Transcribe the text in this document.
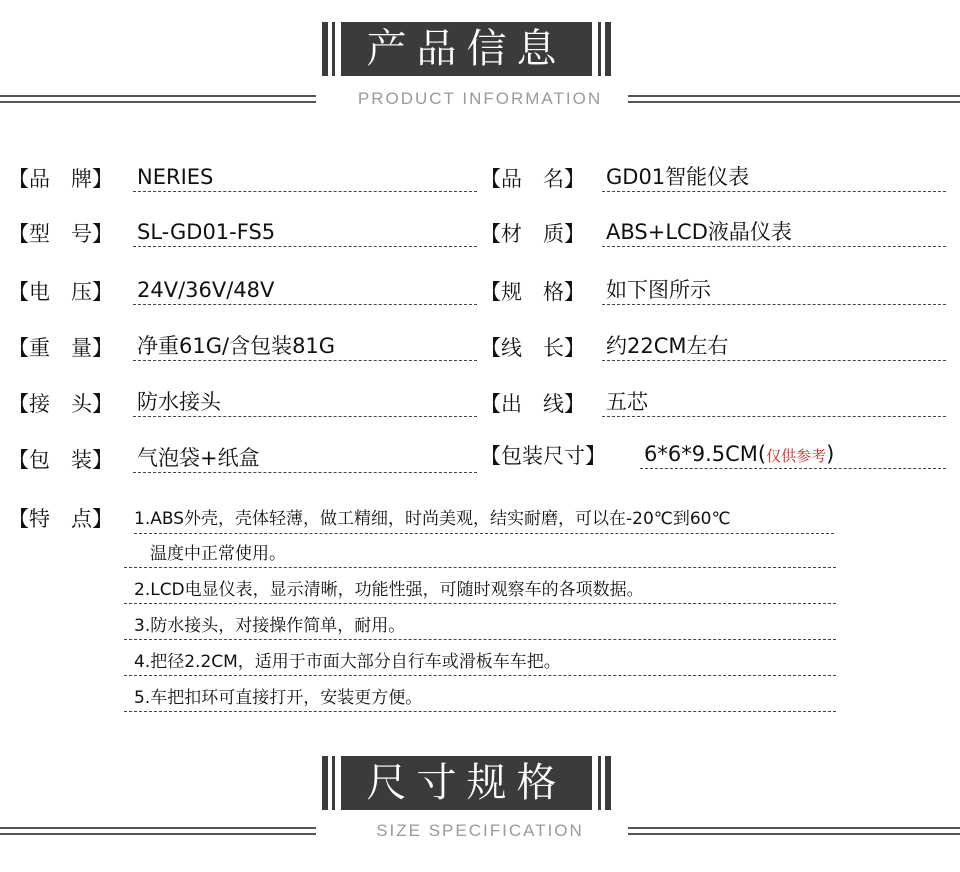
产品信息
PRODUCT INFORMATION
【品　牌】 NERIES
【型　号】 SL-GD01-FS5
【电　压】 24V/36V/48V
【重　量】 净重61G/含包装81G
【接　头】 防水接头
【包　装】 气泡袋+纸盒
【品　名】 GD01智能仪表
【材　质】 ABS+LCD液晶仪表
【规　格】 如下图所示
【线　长】 约22CM左右
【出　线】 五芯
【包装尺寸】 6*6*9.5CM(仅供参考)
【特　点】 1.ABS外壳，壳体轻薄，做工精细，时尚美观，结实耐磨，可以在-20℃到60℃
温度中正常使用。
2.LCD电显仪表，显示清晰，功能性强，可随时观察车的各项数据。
3.防水接头，对接操作简单，耐用。
4.把径2.2CM，适用于市面大部分自行车或滑板车车把。
5.车把扣环可直接打开，安装更方便。
尺寸规格
SIZE SPECIFICATION
